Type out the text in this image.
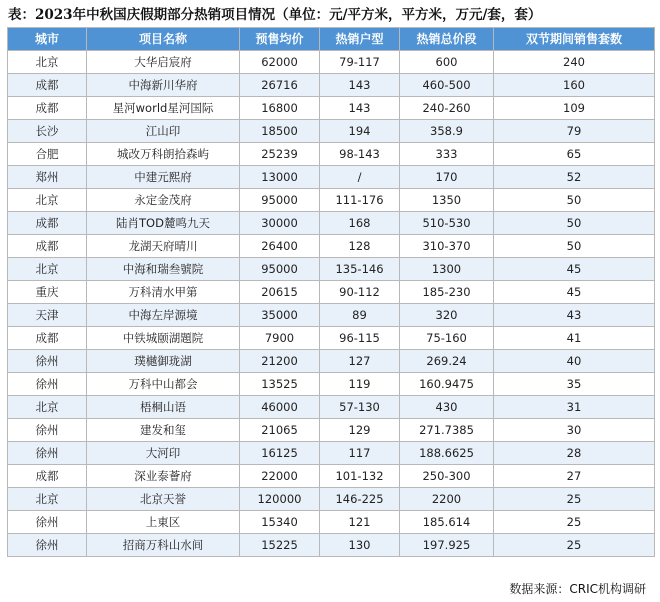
表：2023年中秋国庆假期部分热销项目情况（单位：元/平方米，平方米，万元/套，套）
城市	项目名称	预售均价	热销户型	热销总价段	双节期间销售套数
北京	大华启宸府	62000	79-117	600	240
成都	中海新川华府	26716	143	460-500	160
成都	星河world星河国际	16800	143	240-260	109
长沙	江山印	18500	194	358.9	79
合肥	城改万科朗拾森屿	25239	98-143	333	65
郑州	中建元熙府	13000	/	170	52
北京	永定金茂府	95000	111-176	1350	50
成都	陆肖TOD麓鸣九天	30000	168	510-530	50
成都	龙湖天府晴川	26400	128	310-370	50
北京	中海和瑞叁號院	95000	135-146	1300	45
重庆	万科清水甲第	20615	90-112	185-230	45
天津	中海左岸源境	35000	89	320	43
成都	中铁城颐湖題院	7900	96-115	75-160	41
徐州	璞樾御珑湖	21200	127	269.24	40
徐州	万科中山都会	13525	119	160.9475	35
北京	梧桐山语	46000	57-130	430	31
徐州	建发和玺	21065	129	271.7385	30
徐州	大河印	16125	117	188.6625	28
成都	深业泰薈府	22000	101-132	250-300	27
北京	北京天誉	120000	146-225	2200	25
徐州	上東区	15340	121	185.614	25
徐州	招商万科山水间	15225	130	197.925	25
数据来源：CRIC机构调研
